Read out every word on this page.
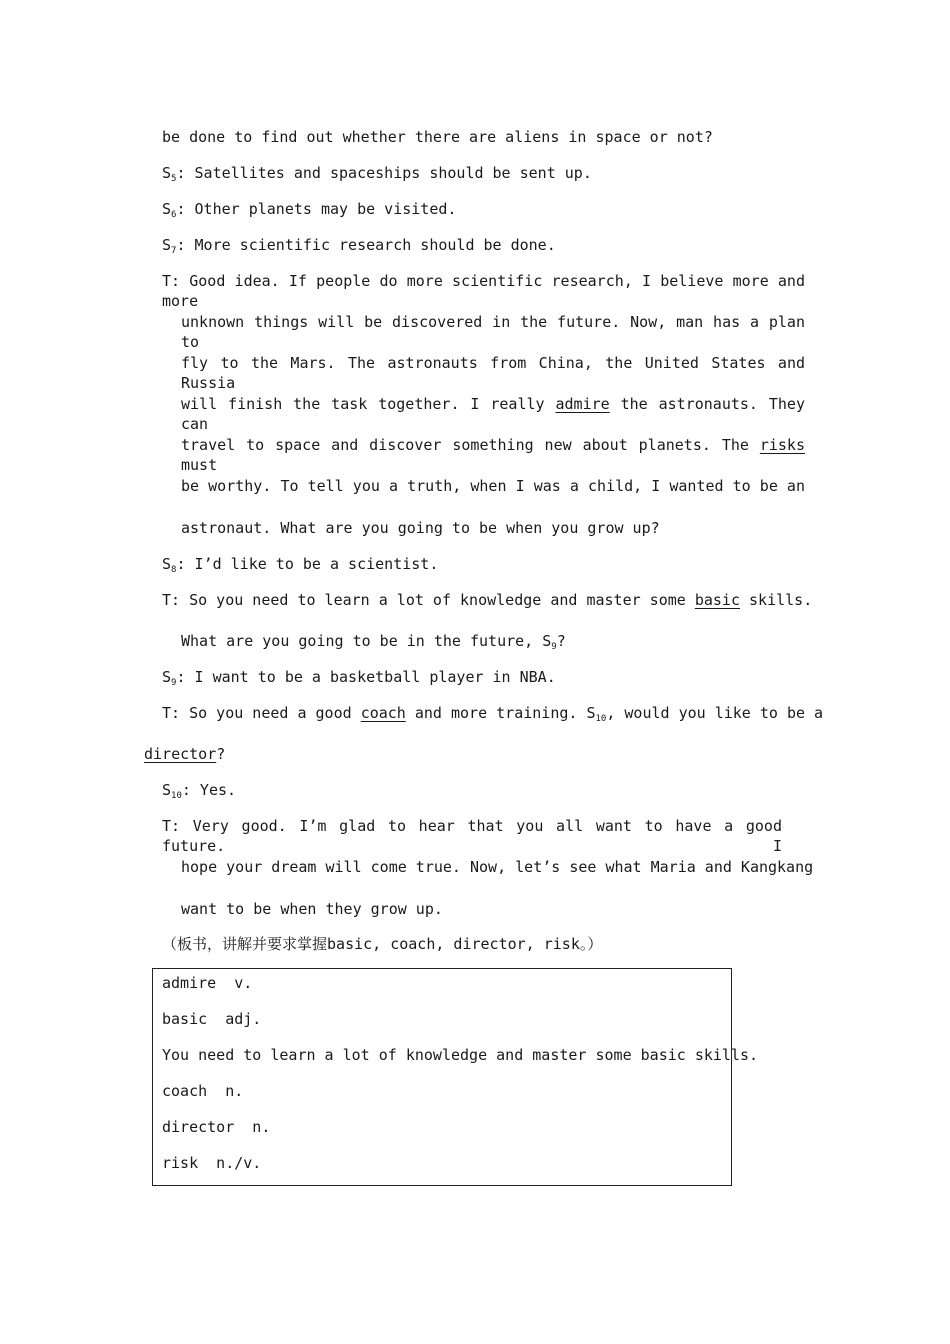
be done to find out whether there are aliens in space or not?
$S_5$: Satellites and spaceships should be sent up.
$S_6$: Other planets may be visited.
$S_7$: More scientific research should be done.
T: Good idea. If people do more scientific research, I believe more and more
unknown things will be discovered in the future. Now, man has a plan to
fly to the Mars. The astronauts from China, the United States and Russia
will finish the task together. I really admire the astronauts. They can
travel to space and discover something new about planets. The risks must
be worthy. To tell you a truth, when I was a child, I wanted to be an
astronaut. What are you going to be when you grow up?
$S_8$: I’d like to be a scientist.
T: So you need to learn a lot of knowledge and master some basic skills.
What are you going to be in the future, $S_9$?
$S_9$: I want to be a basketball player in NBA.
T: So you need a good coach and more training. $S_{10}$, would you like to be a
director?
$S_{10}$: Yes.
T: Very good. I’m glad to hear that you all want to have a good future. I
hope your dream will come true. Now, let’s see what Maria and Kangkang
want to be when they grow up.
（板书，讲解并要求掌握basic, coach, director, risk。）
admire  v.
basic  adj.
You need to learn a lot of knowledge and master some basic skills.
coach  n.
director  n.
risk  n./v.
